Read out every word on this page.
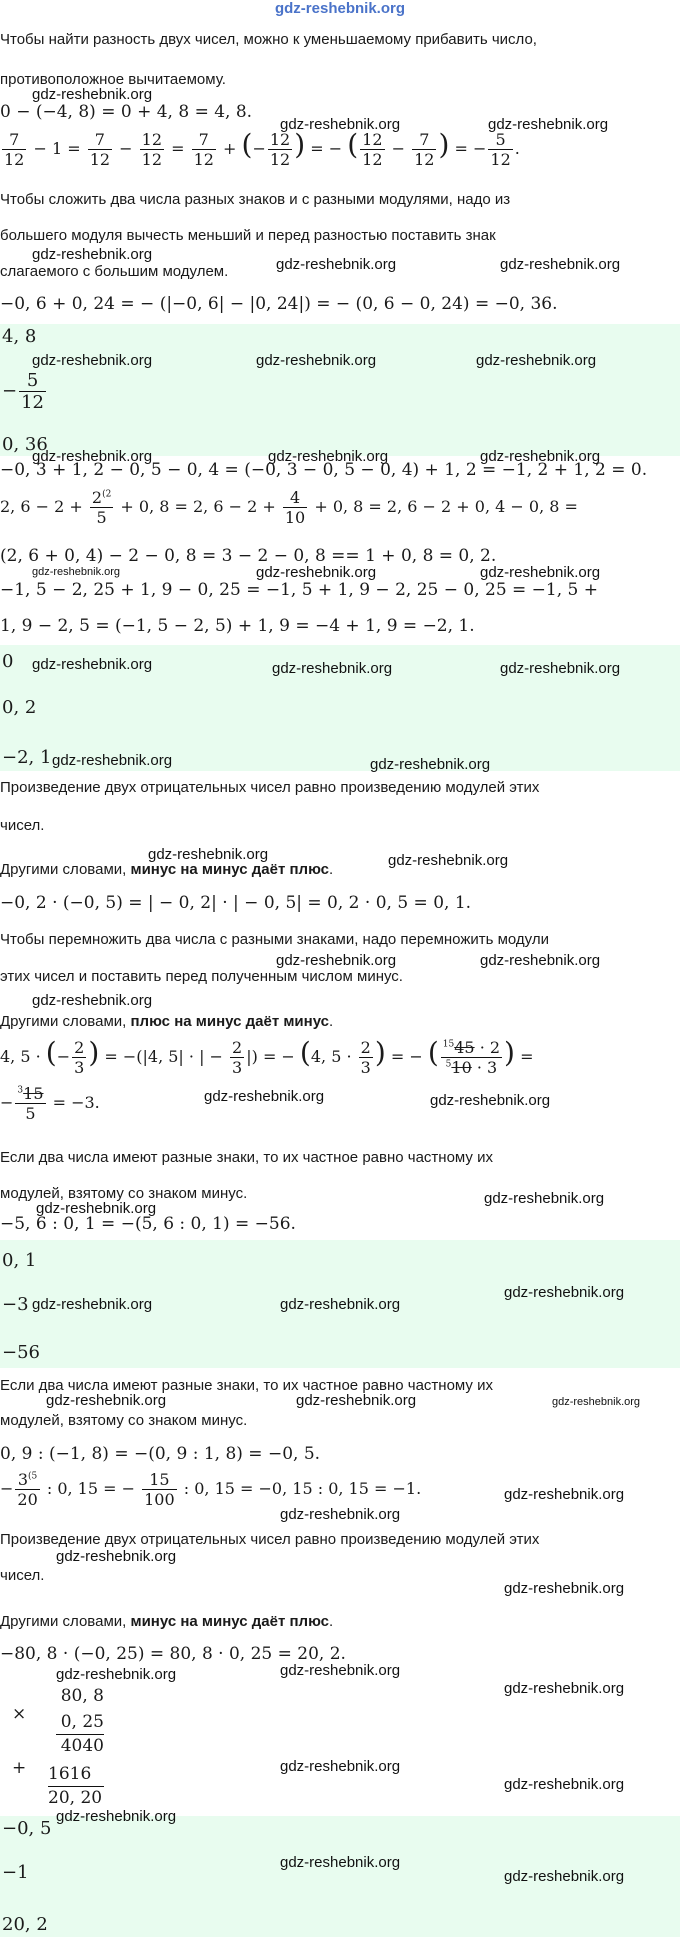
gdz-reshebnik.org
Чтобы найти разность двух чисел, можно к уменьшаемому прибавить число,
противоположное вычитаемому.
0 − (−4, 8) = 0 + 4, 8 = 4, 8.
$\frac{7}{12} - 1 = \frac{7}{12} - \frac{12}{12} = \frac{7}{12}$ + (− $\frac{12}{12}$ ) = − ( $\frac{12}{12} - \frac{7}{12}$ ) = − $\frac{5}{12}$ .
Чтобы сложить два числа разных знаков и с разными модулями, надо из
большего модуля вычесть меньший и перед разностью поставить знак
слагаемого с большим модулем.
−0, 6 + 0, 24 = − (|−0, 6| − |0, 24|) = − (0, 6 − 0, 24) = −0, 36.
4, 8
− $\frac{5}{12}$
0, 36
−0, 3 + 1, 2 − 0, 5 − 0, 4 = (−0, 3 − 0, 5 − 0, 4) + 1, 2 = −1, 2 + 1, 2 = 0.
2, $6 - 2 + \frac{2^{(2}}{5} + 0$, 8 = 2, $6 - 2 + \frac{4}{10} + 0$, 8 = 2, 6 − 2 + 0, 4 − 0, 8 =
(2, 6 + 0, 4) − 2 − 0, 8 = 3 − 2 − 0, 8 == 1 + 0, 8 = 0, 2.
−1, 5 − 2, 25 + 1, 9 − 0, 25 = −1, 5 + 1, 9 − 2, 25 − 0, 25 = −1, 5 +
1, 9 − 2, 5 = (−1, 5 − 2, 5) + 1, 9 = −4 + 1, 9 = −2, 1.
0
0, 2
−2, 1
Произведение двух отрицательных чисел равно произведению модулей этих
чисел.
Другими словами, минус на минус даёт плюс.
−0, 2 · (−0, 5) = | − 0, 2| · | − 0, 5| = 0, 2 · 0, 5 = 0, 1.
Чтобы перемножить два числа с разными знаками, надо перемножить модули
этих чисел и поставить перед полученным числом минус.
Другими словами, плюс на минус даёт минус.
4, 5 · (− $\frac{2}{3}$ ) = −(|4, 5| · | − $\frac{2}{3}$ |) = − (4, $5 \cdot \frac{2}{3}$ ) = − ( $\frac{^{15}45 \cdot 2}{^510 \cdot 3}$ ) =
− $\frac{^315}{5} = -3$.
Если два числа имеют разные знаки, то их частное равно частному их
модулей, взятому со знаком минус.
−5, 6 : 0, 1 = −(5, 6 : 0, 1) = −56.
0, 1
−3
−56
Если два числа имеют разные знаки, то их частное равно частному их
модулей, взятому со знаком минус.
0, 9 : (−1, 8) = −(0, 9 : 1, 8) = −0, 5.
− $\frac{3^{(5}}{20}$ : 0, 15 = − $\frac{15}{100}$ : 0, 15 = −0, 15 : 0, 15 = −1.
Произведение двух отрицательных чисел равно произведению модулей этих
чисел.
Другими словами, минус на минус даёт плюс.
−80, 8 · (−0, 25) = 80, 8 · 0, 25 = 20, 2.
×
80, 8
0, 25
4040
+ 1616
20, 20
−0, 5
−1
20, 2
gdz-reshebnik.org
gdz-reshebnik.org	gdz-reshebnik.org
gdz-reshebnik.org
gdz-reshebnik.org	gdz-reshebnik.org
gdz-reshebnik.org	gdz-reshebnik.org	gdz-reshebnik.org
gdz-reshebnik.org	gdz-reshebnik.org	gdz-reshebnik.org
gdz-reshebnik.org	gdz-reshebnik.org	gdz-reshebnik.org
gdz-reshebnik.org	gdz-reshebnik.org	gdz-reshebnik.org
gdz-reshebnik.org	gdz-reshebnik.org
gdz-reshebnik.org	gdz-reshebnik.org
gdz-reshebnik.org	gdz-reshebnik.org
gdz-reshebnik.org
gdz-reshebnik.org	gdz-reshebnik.org
gdz-reshebnik.org
gdz-reshebnik.org
gdz-reshebnik.org	gdz-reshebnik.org
gdz-reshebnik.org
gdz-reshebnik.org	gdz-reshebnik.org	gdz-reshebnik.org
gdz-reshebnik.org
gdz-reshebnik.org
gdz-reshebnik.org
gdz-reshebnik.org
gdz-reshebnik.org	gdz-reshebnik.org
gdz-reshebnik.org
gdz-reshebnik.org
gdz-reshebnik.org
gdz-reshebnik.org
gdz-reshebnik.org
gdz-reshebnik.org
